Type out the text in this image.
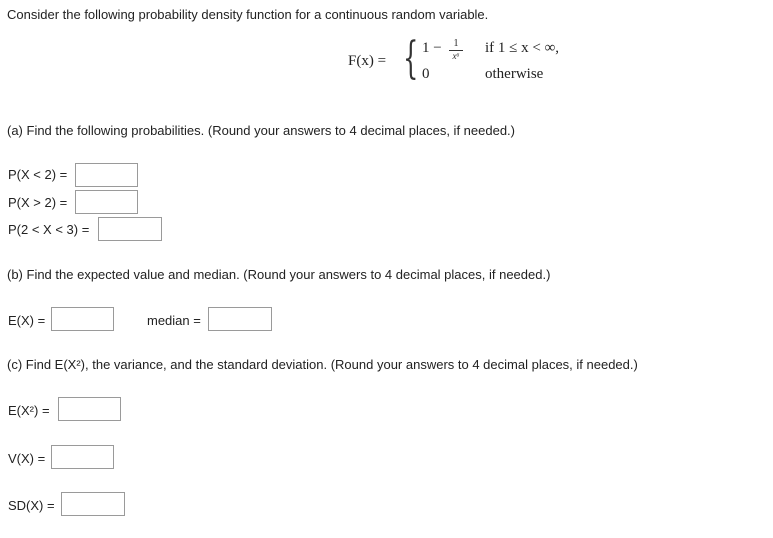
Consider the following probability density function for a continuous random variable.
F(x) = { 1 −	1
x⁶ if 1 ≤ x < ∞,
0	otherwise
(a) Find the following probabilities. (Round your answers to 4 decimal places, if needed.)
P(X < 2) =
P(X > 2) =
P(2 < X < 3) =
(b) Find the expected value and median. (Round your answers to 4 decimal places, if needed.)
E(X) =	median =
(c) Find E(X²), the variance, and the standard deviation. (Round your answers to 4 decimal places, if needed.)
E(X²) =
V(X) =
SD(X) =
